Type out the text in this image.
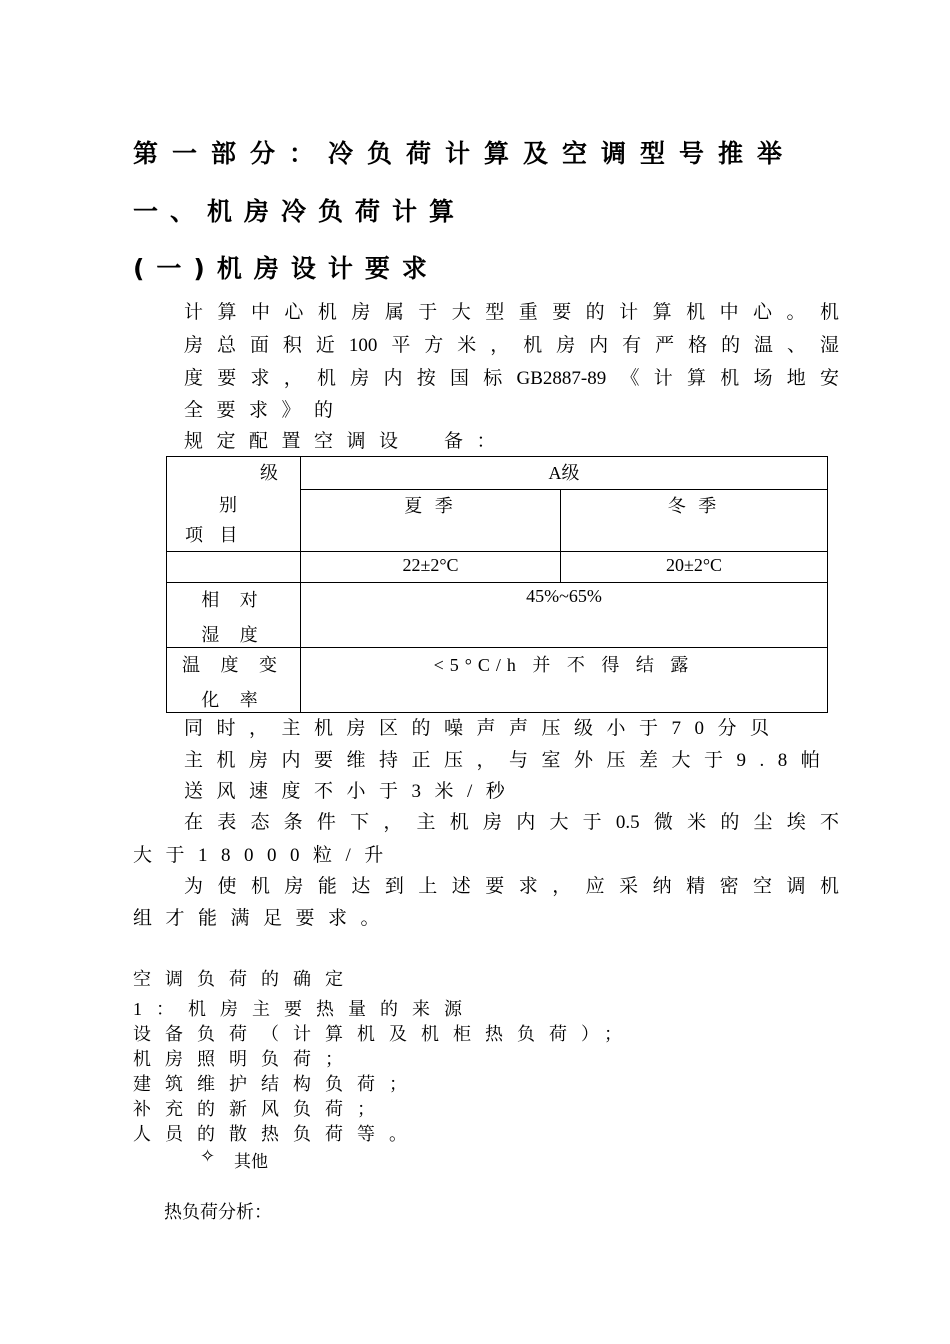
第一部分：冷负荷计算及空调型号推举
一、机房冷负荷计算
(一)机房设计要求
计算中心机房属于大型重要的计算机中心。机
房总面积近100平方米，机房内有严格的温、湿
度要求，机房内按国标GB2887-89《计算机场地安
全要求》的
规定配置空调设　备：
级
别
项 目	A级	

	夏 季	冬 季

	22±2°C	20±2°C

相 对
湿 度	45%~65%	

温 度 变
化 率	<5°C/h 并 不 得 结 露	
同时，主机房区的噪声声压级小于70分贝
主机房内要维持正压，与室外压差大于9.8帕
送风速度不小于3米/秒
在表态条件下，主机房内大于0.5微米的尘埃不
大于18000粒/升
为使机房能达到上述要求，应采纳精密空调机
组才能满足要求。
空调负荷的确定
1：机房主要热量的来源
设备负荷（计算机及机柜热负荷）；
机房照明负荷；
建筑维护结构负荷；
补充的新风负荷；
人员的散热负荷等。
✧ 其他
热负荷分析：
